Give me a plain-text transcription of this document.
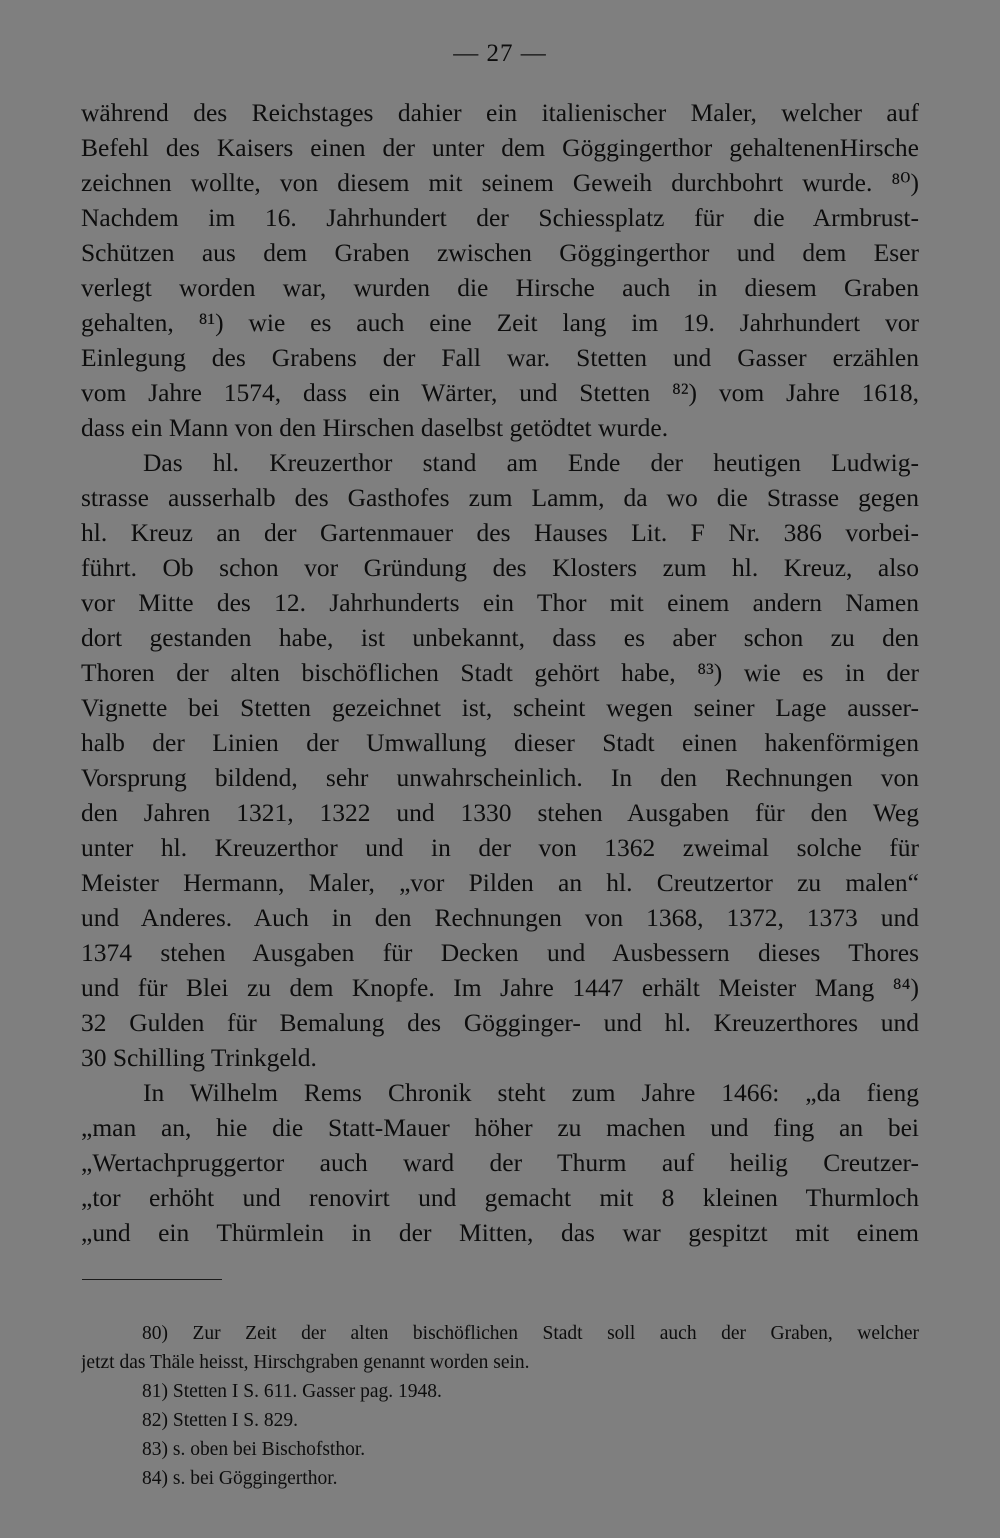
— 27 —
während des Reichstages dahier ein italienischer Maler, welcher auf
Befehl des Kaisers einen der unter dem Göggingerthor gehaltenenHirsche
zeichnen wollte, von diesem mit seinem Geweih durchbohrt wurde. ⁸⁰)
Nachdem im 16. Jahrhundert der Schiessplatz für die Armbrust-
Schützen aus dem Graben zwischen Göggingerthor und dem Eser
verlegt worden war, wurden die Hirsche auch in diesem Graben
gehalten, ⁸¹) wie es auch eine Zeit lang im 19. Jahrhundert vor
Einlegung des Grabens der Fall war. Stetten und Gasser erzählen
vom Jahre 1574, dass ein Wärter, und Stetten ⁸²) vom Jahre 1618,
dass ein Mann von den Hirschen daselbst getödtet wurde.
Das hl. Kreuzerthor stand am Ende der heutigen Ludwig-
strasse ausserhalb des Gasthofes zum Lamm, da wo die Strasse gegen
hl. Kreuz an der Gartenmauer des Hauses Lit. F Nr. 386 vorbei-
führt. Ob schon vor Gründung des Klosters zum hl. Kreuz, also
vor Mitte des 12. Jahrhunderts ein Thor mit einem andern Namen
dort gestanden habe, ist unbekannt, dass es aber schon zu den
Thoren der alten bischöflichen Stadt gehört habe, ⁸³) wie es in der
Vignette bei Stetten gezeichnet ist, scheint wegen seiner Lage ausser-
halb der Linien der Umwallung dieser Stadt einen hakenförmigen
Vorsprung bildend, sehr unwahrscheinlich. In den Rechnungen von
den Jahren 1321, 1322 und 1330 stehen Ausgaben für den Weg
unter hl. Kreuzerthor und in der von 1362 zweimal solche für
Meister Hermann, Maler, „vor Pilden an hl. Creutzertor zu malen“
und Anderes. Auch in den Rechnungen von 1368, 1372, 1373 und
1374 stehen Ausgaben für Decken und Ausbessern dieses Thores
und für Blei zu dem Knopfe. Im Jahre 1447 erhält Meister Mang ⁸⁴)
32 Gulden für Bemalung des Gögginger- und hl. Kreuzerthores und
30 Schilling Trinkgeld.
In Wilhelm Rems Chronik steht zum Jahre 1466: „da fieng
„man an, hie die Statt-Mauer höher zu machen und fing an bei
„Wertachpruggertor auch ward der Thurm auf heilig Creutzer-
„tor erhöht und renovirt und gemacht mit 8 kleinen Thurmloch
„und ein Thürmlein in der Mitten, das war gespitzt mit einem
80) Zur Zeit der alten bischöflichen Stadt soll auch der Graben, welcher
jetzt das Thäle heisst, Hirschgraben genannt worden sein.
81) Stetten I S. 611. Gasser pag. 1948.
82) Stetten I S. 829.
83) s. oben bei Bischofsthor.
84) s. bei Göggingerthor.
